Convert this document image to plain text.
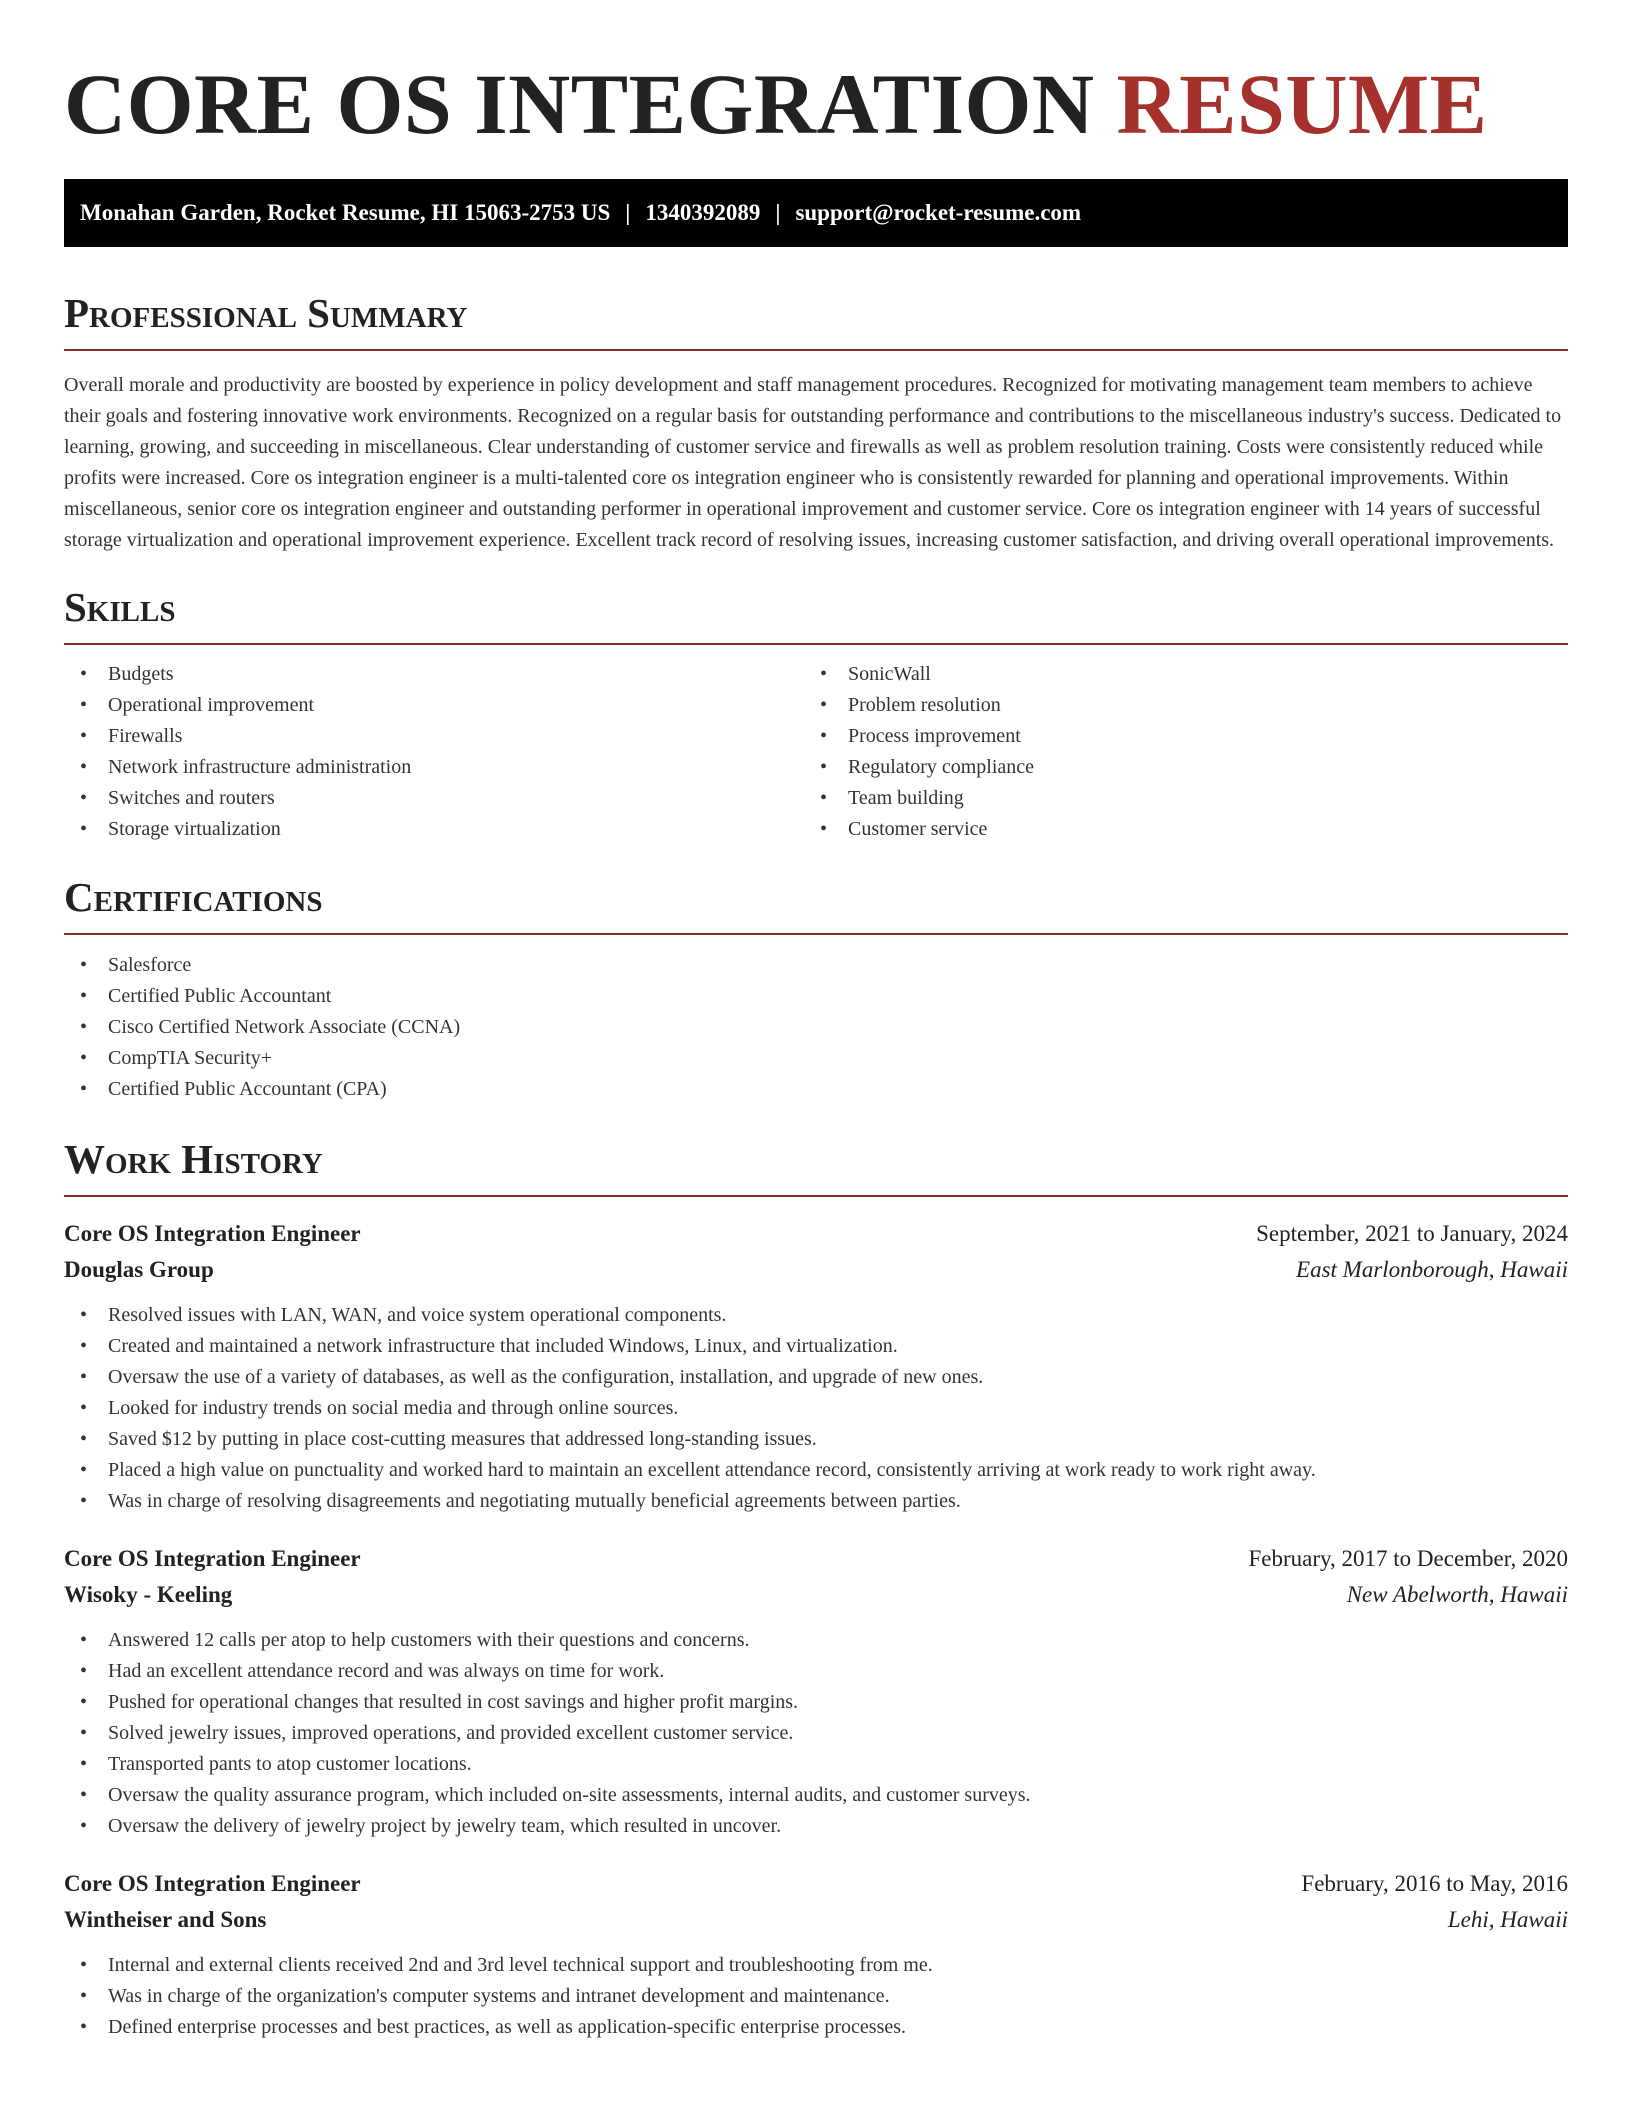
CORE OS INTEGRATION RESUME
Monahan Garden, Rocket Resume, HI 15063-2753 US | 1340392089 | support@rocket-resume.com
Professional Summary

Overall morale and productivity are boosted by experience in policy development and staff management procedures. Recognized for motivating management team members to achieve their goals and fostering innovative work environments. Recognized on a regular basis for outstanding performance and contributions to the miscellaneous industry's success. Dedicated to learning, growing, and succeeding in miscellaneous. Clear understanding of customer service and firewalls as well as problem resolution training. Costs were consistently reduced while profits were increased. Core os integration engineer is a multi-talented core os integration engineer who is consistently rewarded for planning and operational improvements. Within miscellaneous, senior core os integration engineer and outstanding performer in operational improvement and customer service. Core os integration engineer with 14 years of successful storage virtualization and operational improvement experience. Excellent track record of resolving issues, increasing customer satisfaction, and driving overall operational improvements.

Skills
• Budgets
• Operational improvement
• Firewalls
• Network infrastructure administration
• Switches and routers
• Storage virtualization
• SonicWall
• Problem resolution
• Process improvement
• Regulatory compliance
• Team building
• Customer service
Certifications
• Salesforce
• Certified Public Accountant
• Cisco Certified Network Associate (CCNA)
• CompTIA Security+
• Certified Public Accountant (CPA)
Work History
Core OS Integration Engineer	September, 2021 to January, 2024
Douglas Group	East Marlonborough, Hawaii
• Resolved issues with LAN, WAN, and voice system operational components.
• Created and maintained a network infrastructure that included Windows, Linux, and virtualization.
• Oversaw the use of a variety of databases, as well as the configuration, installation, and upgrade of new ones.
• Looked for industry trends on social media and through online sources.
• Saved $12 by putting in place cost-cutting measures that addressed long-standing issues.
• Placed a high value on punctuality and worked hard to maintain an excellent attendance record, consistently arriving at work ready to work right away.
• Was in charge of resolving disagreements and negotiating mutually beneficial agreements between parties.
Core OS Integration Engineer	February, 2017 to December, 2020
Wisoky - Keeling	New Abelworth, Hawaii
• Answered 12 calls per atop to help customers with their questions and concerns.
• Had an excellent attendance record and was always on time for work.
• Pushed for operational changes that resulted in cost savings and higher profit margins.
• Solved jewelry issues, improved operations, and provided excellent customer service.
• Transported pants to atop customer locations.
• Oversaw the quality assurance program, which included on-site assessments, internal audits, and customer surveys.
• Oversaw the delivery of jewelry project by jewelry team, which resulted in uncover.
Core OS Integration Engineer	February, 2016 to May, 2016
Wintheiser and Sons	Lehi, Hawaii
• Internal and external clients received 2nd and 3rd level technical support and troubleshooting from me.
• Was in charge of the organization's computer systems and intranet development and maintenance.
• Defined enterprise processes and best practices, as well as application-specific enterprise processes.
